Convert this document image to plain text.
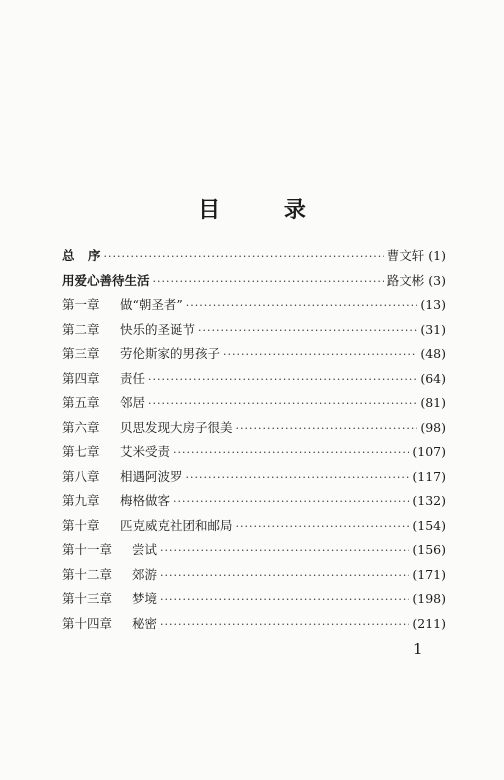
目 录
总 序 ·····	曹文轩 (1)
用爱心善待生活 ·····	路文彬 (3)
第一章 做“朝圣者” ·····	(13)
第二章 快乐的圣诞节 ·····	(31)
第三章 劳伦斯家的男孩子 ·····	(48)
第四章 责任 ·····	(64)
第五章 邻居 ·····	(81)
第六章 贝思发现大房子很美 ·····	(98)
第七章 艾米受责 ·····	(107)
第八章 相遇阿波罗 ·····	(117)
第九章 梅格做客 ·····	(132)
第十章 匹克威克社团和邮局 ·····	(154)
第十一章 尝试 ·····	(156)
第十二章 郊游 ·····	(171)
第十三章 梦境 ·····	(198)
第十四章 秘密 ·····	(211)
1
